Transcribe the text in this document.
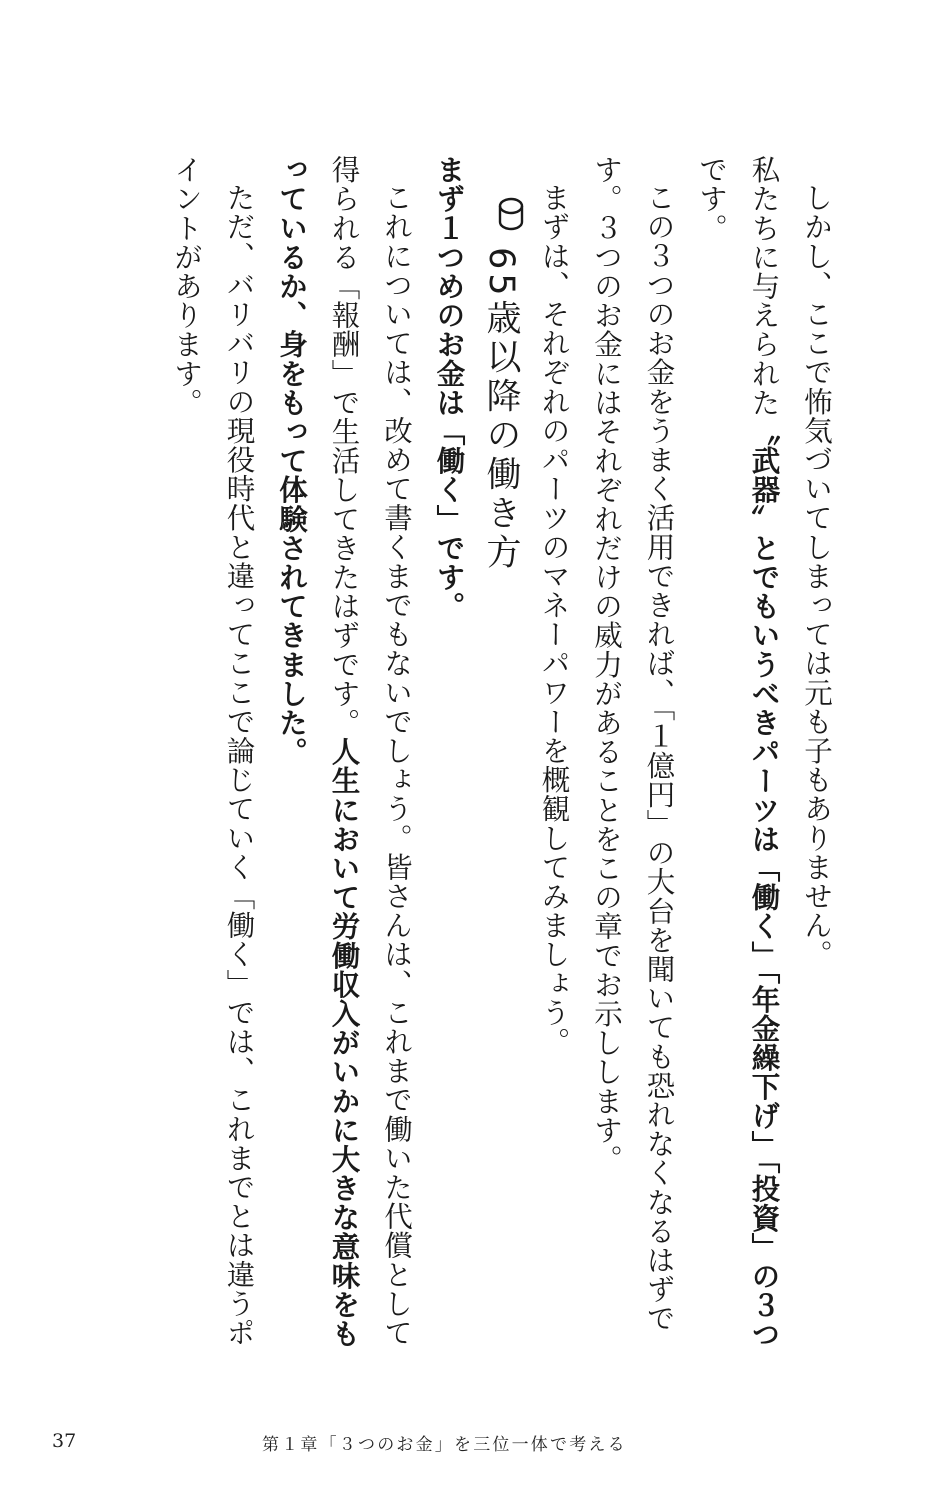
しかし、ここで怖気づいてしまっては元も子もありません。

私たちに与えられた〝武器〟とでもいうべきパーツは「働く」「年金繰下げ」「投資」の３つです。

この３つのお金をうまく活用できれば、「１億円」の大台を聞いても恐れなくなるはずです。３つのお金にはそれぞれだけの威力があることをこの章でお示しします。

まずは、それぞれのパーツのマネーパワーを概観してみましょう。

65歳以降の働き方

まず１つめのお金は「働く」です。

これについては、改めて書くまでもないでしょう。皆さんは、これまで働いた代償として得られる「報酬」で生活してきたはずです。人生において労働収入がいかに大きな意味をもっているか、身をもって体験されてきました。

ただ、バリバリの現役時代と違ってここで論じていく「働く」では、これまでとは違うポイントがあります。

37	第１章「３つのお金」を三位一体で考える
